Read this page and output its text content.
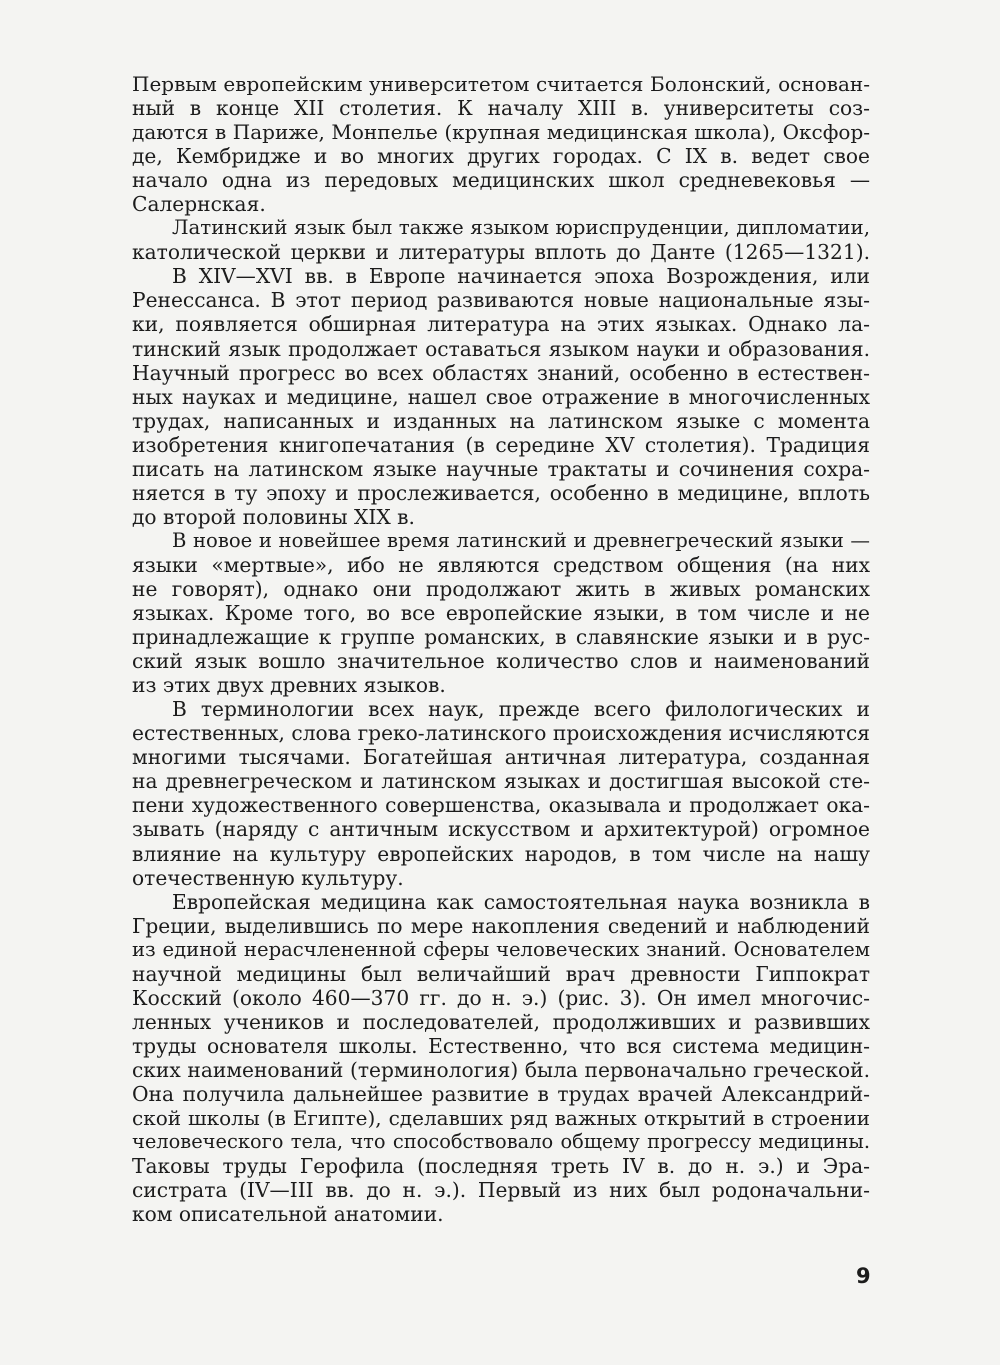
Первым европейским университетом считается Болонский, основан-
ный в конце XII столетия. К началу XIII в. университеты соз-
даются в Париже, Монпелье (крупная медицинская школа), Оксфор-
де, Кембридже и во многих других городах. С IX в. ведет свое
начало одна из передовых медицинских школ средневековья —
Салернская.

Латинский язык был также языком юриспруденции, дипломатии,
католической церкви и литературы вплоть до Данте (1265—1321).

В XIV—XVI вв. в Европе начинается эпоха Возрождения, или
Ренессанса. В этот период развиваются новые национальные язы-
ки, появляется обширная литература на этих языках. Однако ла-
тинский язык продолжает оставаться языком науки и образования.
Научный прогресс во всех областях знаний, особенно в естествен-
ных науках и медицине, нашел свое отражение в многочисленных
трудах, написанных и изданных на латинском языке с момента
изобретения книгопечатания (в середине XV столетия). Традиция
писать на латинском языке научные трактаты и сочинения сохра-
няется в ту эпоху и прослеживается, особенно в медицине, вплоть
до второй половины XIX в.

В новое и новейшее время латинский и древнегреческий языки —
языки «мертвые», ибо не являются средством общения (на них
не говорят), однако они продолжают жить в живых романских
языках. Кроме того, во все европейские языки, в том числе и не
принадлежащие к группе романских, в славянские языки и в рус-
ский язык вошло значительное количество слов и наименований
из этих двух древних языков.

В терминологии всех наук, прежде всего филологических и
естественных, слова греко-латинского происхождения исчисляются
многими тысячами. Богатейшая античная литература, созданная
на древнегреческом и латинском языках и достигшая высокой сте-
пени художественного совершенства, оказывала и продолжает ока-
зывать (наряду с античным искусством и архитектурой) огромное
влияние на культуру европейских народов, в том числе на нашу
отечественную культуру.

Европейская медицина как самостоятельная наука возникла в
Греции, выделившись по мере накопления сведений и наблюдений
из единой нерасчлененной сферы человеческих знаний. Основателем
научной медицины был величайший врач древности Гиппократ
Косский (около 460—370 гг. до н. э.) (рис. 3). Он имел многочис-
ленных учеников и последователей, продолживших и развивших
труды основателя школы. Естественно, что вся система медицин-
ских наименований (терминология) была первоначально греческой.
Она получила дальнейшее развитие в трудах врачей Александрий-
ской школы (в Египте), сделавших ряд важных открытий в строении
человеческого тела, что способствовало общему прогрессу медицины.
Таковы труды Герофила (последняя треть IV в. до н. э.) и Эра-
систрата (IV—III вв. до н. э.). Первый из них был родоначальни-
ком описательной анатомии.

9
